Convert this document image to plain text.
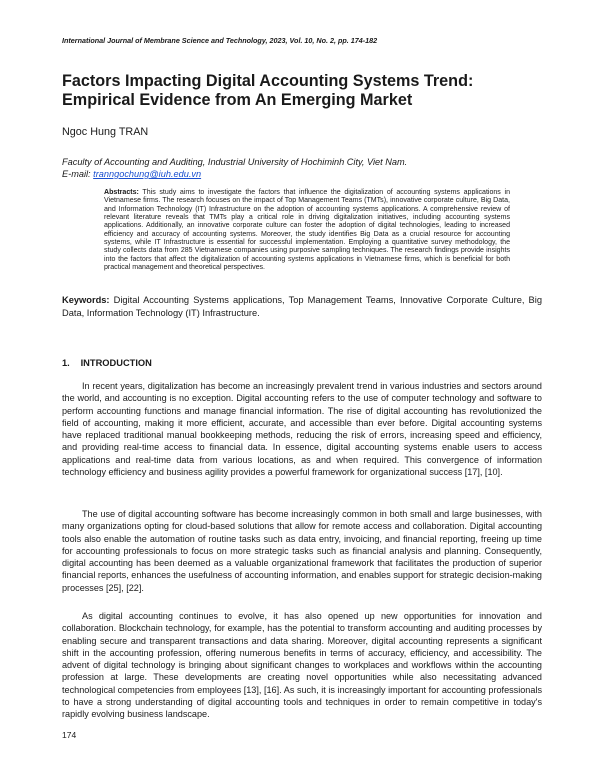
International Journal of Membrane Science and Technology, 2023, Vol. 10, No. 2, pp. 174-182
Factors Impacting Digital Accounting Systems Trend: Empirical Evidence from An Emerging Market
Ngoc Hung TRAN
Faculty of Accounting and Auditing, Industrial University of Hochiminh City, Viet Nam.
E-mail: tranngochung@iuh.edu.vn
Abstracts: This study aims to investigate the factors that influence the digitalization of accounting systems applications in Vietnamese firms. The research focuses on the impact of Top Management Teams (TMTs), innovative corporate culture, Big Data, and Information Technology (IT) Infrastructure on the adoption of accounting systems applications. A comprehensive review of relevant literature reveals that TMTs play a critical role in driving digitalization initiatives, including accounting systems applications. Additionally, an innovative corporate culture can foster the adoption of digital technologies, leading to increased efficiency and accuracy of accounting systems. Moreover, the study identifies Big Data as a crucial resource for accounting systems, while IT Infrastructure is essential for successful implementation. Employing a quantitative survey methodology, the study collects data from 285 Vietnamese companies using purposive sampling techniques. The research findings provide insights into the factors that affect the digitalization of accounting systems applications in Vietnamese firms, which is beneficial for both practical management and theoretical perspectives.
Keywords: Digital Accounting Systems applications, Top Management Teams, Innovative Corporate Culture, Big Data, Information Technology (IT) Infrastructure.
1. INTRODUCTION

In recent years, digitalization has become an increasingly prevalent trend in various industries and sectors around the world, and accounting is no exception. Digital accounting refers to the use of computer technology and software to perform accounting functions and manage financial information. The rise of digital accounting has revolutionized the field of accounting, making it more efficient, accurate, and accessible than ever before. Digital accounting systems have replaced traditional manual bookkeeping methods, reducing the risk of errors, increasing speed and efficiency, and providing real-time access to financial data. In essence, digital accounting systems enable users to access applications and real-time data from various locations, as and when required. This convergence of information technology efficiency and business agility provides a powerful framework for organizational success [17], [10].

The use of digital accounting software has become increasingly common in both small and large businesses, with many organizations opting for cloud-based solutions that allow for remote access and collaboration. Digital accounting tools also enable the automation of routine tasks such as data entry, invoicing, and financial reporting, freeing up time for accounting professionals to focus on more strategic tasks such as financial analysis and planning. Consequently, digital accounting has been deemed as a valuable organizational framework that facilitates the production of superior financial reports, enhances the usefulness of accounting information, and enables support for strategic decision-making processes [25], [22].

As digital accounting continues to evolve, it has also opened up new opportunities for innovation and collaboration. Blockchain technology, for example, has the potential to transform accounting and auditing processes by enabling secure and transparent transactions and data sharing. Moreover, digital accounting represents a significant shift in the accounting profession, offering numerous benefits in terms of accuracy, efficiency, and accessibility. The advent of digital technology is bringing about significant changes to workplaces and workflows within the accounting profession at large. These developments are creating novel opportunities while also necessitating advanced technological competencies from employees [13], [16]. As such, it is increasingly important for accounting professionals to have a strong understanding of digital accounting tools and techniques in order to remain competitive in today's rapidly evolving business landscape.

174
